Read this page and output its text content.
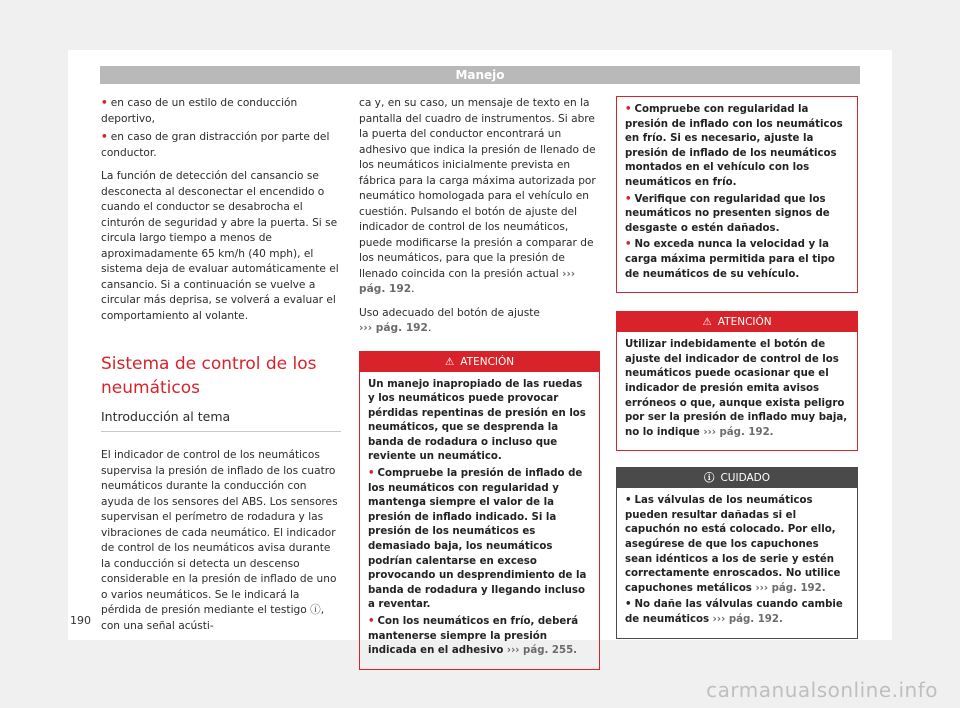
Manejo

• en caso de un estilo de conducción deportivo,

• en caso de gran distracción por parte del conductor.

La función de detección del cansancio se desconecta al desconectar el encendido o cuando el conductor se desabrocha el cinturón de seguridad y abre la puerta. Si se circula largo tiempo a menos de aproximadamente 65 km/h (40 mph), el sistema deja de evaluar automáticamente el cansancio. Si a continuación se vuelve a circular más deprisa, se volverá a evaluar el comportamiento al volante.

Sistema de control de los neumáticos
Introducción al tema

El indicador de control de los neumáticos supervisa la presión de inflado de los cuatro neumáticos durante la conducción con ayuda de los sensores del ABS. Los sensores supervisan el perímetro de rodadura y las vibraciones de cada neumático. El indicador de control de los neumáticos avisa durante la conducción si detecta un descenso considerable en la presión de inflado de uno o varios neumáticos. Se le indicará la pérdida de presión mediante el testigo ⓘ, con una señal acústi-

ca y, en su caso, un mensaje de texto en la pantalla del cuadro de instrumentos. Si abre la puerta del conductor encontrará un adhesivo que indica la presión de llenado de los neumáticos inicialmente prevista en fábrica para la carga máxima autorizada por neumático homologada para el vehículo en cuestión. Pulsando el botón de ajuste del indicador de control de los neumáticos, puede modificarse la presión a comparar de los neumáticos, para que la presión de llenado coincida con la presión actual ››› pág. 192.

Uso adecuado del botón de ajuste
››› pág. 192.

⚠ ATENCIÓN

Un manejo inapropiado de las ruedas y los neumáticos puede provocar pérdidas repentinas de presión en los neumáticos, que se desprenda la banda de rodadura o incluso que reviente un neumático.

• Compruebe la presión de inflado de los neumáticos con regularidad y mantenga siempre el valor de la presión de inflado indicado. Si la presión de los neumáticos es demasiado baja, los neumáticos podrían calentarse en exceso provocando un desprendimiento de la banda de rodadura y llegando incluso a reventar.

• Con los neumáticos en frío, deberá mantenerse siempre la presión indicada en el adhesivo ››› pág. 255.

• Compruebe con regularidad la presión de inflado con los neumáticos en frío. Si es necesario, ajuste la presión de inflado de los neumáticos montados en el vehículo con los neumáticos en frío.

• Verifique con regularidad que los neumáticos no presenten signos de desgaste o estén dañados.

• No exceda nunca la velocidad y la carga máxima permitida para el tipo de neumáticos de su vehículo.

⚠ ATENCIÓN

Utilizar indebidamente el botón de ajuste del indicador de control de los neumáticos puede ocasionar que el indicador de presión emita avisos erróneos o que, aunque exista peligro por ser la presión de inflado muy baja, no lo indique ››› pág. 192.

ⓘ CUIDADO

• Las válvulas de los neumáticos pueden resultar dañadas si el capuchón no está colocado. Por ello, asegúrese de que los capuchones sean idénticos a los de serie y estén correctamente enroscados. No utilice capuchones metálicos ››› pág. 192.

• No dañe las válvulas cuando cambie de neumáticos ››› pág. 192.

190
carmanualsonline.info
